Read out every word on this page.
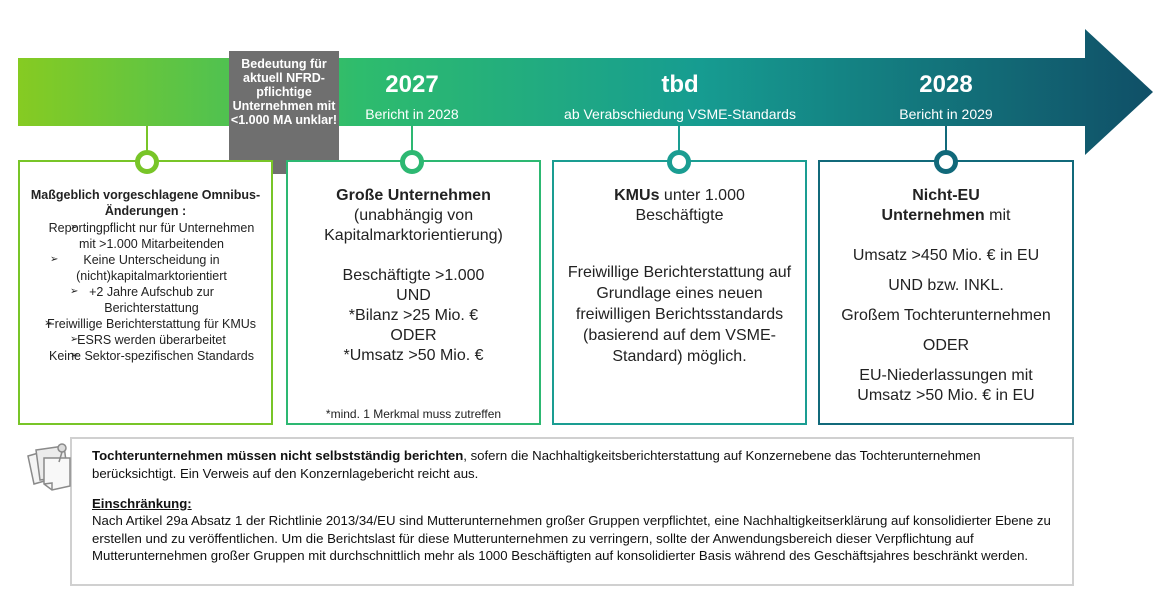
2027
Bericht in 2028
tbd
ab Verabschiedung VSME-Standards
2028
Bericht in 2029
Bedeutung für aktuell NFRD-pflichtige Unternehmen mit <1.000 MA unklar!
Maßgeblich vorgeschlagene Omnibus-Änderungen :
➢ Reportingpflicht nur für Unternehmen mit >1.000 Mitarbeitenden
➢ Keine Unterscheidung in (nicht)kapitalmarktorientiert
➢ +2 Jahre Aufschub zur Berichterstattung
➢ Freiwillige Berichterstattung für KMUs
➢ ESRS werden überarbeitet
➢ Keine Sektor-spezifischen Standards
Große Unternehmen
(unabhängig von Kapitalmarktorientierung)
Beschäftigte >1.000
UND
*Bilanz >25 Mio. €
ODER
*Umsatz >50 Mio. €
*mind. 1 Merkmal muss zutreffen
KMUs unter 1.000
Beschäftigte
Freiwillige Berichterstattung auf Grundlage eines neuen freiwilligen Berichtsstandards (basierend auf dem VSME-Standard) möglich.
Nicht-EU
Unternehmen mit
Umsatz >450 Mio. € in EU
UND bzw. INKL.
Großem Tochterunternehmen
ODER
EU-Niederlassungen mit Umsatz >50 Mio. € in EU

Tochterunternehmen müssen nicht selbstständig berichten, sofern die Nachhaltigkeitsberichterstattung auf Konzernebene das Tochterunternehmen berücksichtigt. Ein Verweis auf den Konzernlagebericht reicht aus.

Einschränkung:

Nach Artikel 29a Absatz 1 der Richtlinie 2013/34/EU sind Mutterunternehmen großer Gruppen verpflichtet, eine Nachhaltigkeitserklärung auf konsolidierter Ebene zu erstellen und zu veröffentlichen. Um die Berichtslast für diese Mutterunternehmen zu verringern, sollte der Anwendungsbereich dieser Verpflichtung auf Mutterunternehmen großer Gruppen mit durchschnittlich mehr als 1000 Beschäftigten auf konsolidierter Basis während des Geschäftsjahres beschränkt werden.
